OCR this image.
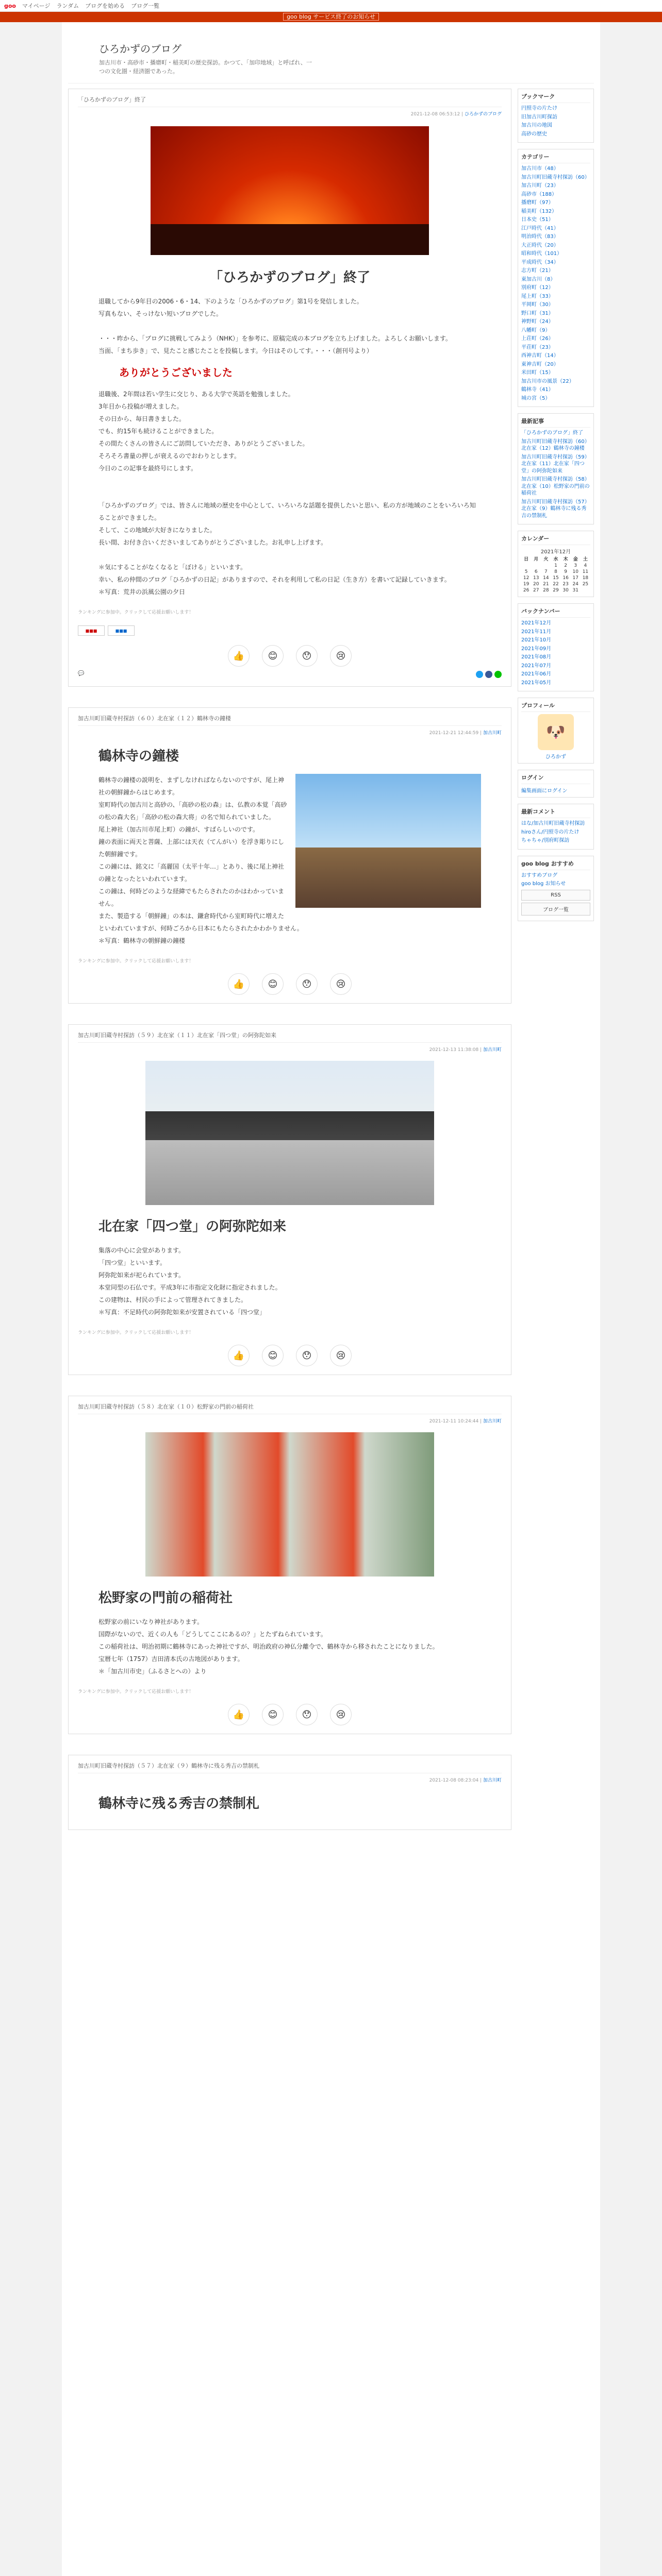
goo マイページ ランダム ブログを始める ブログ一覧
goo blog サービス終了のお知らせ
ひろかずのブログ
加古川市・高砂市・播磨町・稲美町の歴史探訪。かつて、「加印地域」と呼ばれ、一つの文化圏・経済圏であった。
「ひろかずのブログ」終了
2021-12-08 06:53:12 | ひろかずのブログ
「ひろかずのブログ」終了
退職してから9年目の2006・6・14、下のような「ひろかずのブログ」第1号を発信しました。
写真もない、そっけない短いブログでした。

・・・昨から、「ブログに挑戦してみよう（NHK）」を参考に、原稿完成の本ブログを立ち上げました。よろしくお願いします。
当面、「まち歩き」で、見たこと感じたことを投稿します。今日はそのしてす。・・・（創刊号より）
ありがとうございました
退職後、2年間は若い学生に交じり、ある大学で英語を勉強しました。
3年目から投稿が増えました。
その日から、毎日書きました。
でも、約15年も続けることができました。
その間たくさんの皆さんにご訪問していただき、ありがとうございました。
そろそろ書量の押しが衰えるのでおわりとします。
今日のこの記事を最終号にします。

「ひろかずのブログ」では、皆さんに地域の歴史を中心として、いろいろな話題を提供したいと思い、私の方が地域のことをいろいろ知ることができました。
そして、この地域が大好きになりました。
長い間、お付き合いくださいましてありがとうございました。お礼申し上げます。

＊気にすることがなくなると「ぼける」といいます。
幸い、私の仲間のブログ「ひろかずの日記」がありますので、それを利用して私の日記（生き方）を書いて記録していきます。
＊写真：荒井の浜風公園の夕日
ランキングに参加中。クリックして応援お願いします！
■■■	■■■
👍	😊	😯	😢
💬
加古川町旧蔵寺村探訪（６０）北在家（１２）鶴林寺の鐘楼
2021-12-21 12:44:59 | 加古川町
鶴林寺の鐘楼
鶴林寺の鐘楼の説明を、まずしなければならないのですが、尾上神社の朝鮮鐘からはじめます。
室町時代の加古川と高砂の、「高砂の松の森」は、仏教の本覚「高砂の松の森大名」「高砂の松の森大将」の名で知られていました。
尾上神社（加古川市尾上町）の鐘が、すばらしいのです。
鐘の表面に両天と菩薩、上部には天衣（てんがい）を浮き彫りにした朝鮮鐘です。
この鐘には、銘文に「高麗国（太平十年…」とあり、後に尾上神社の鐘となったといわれています。
この鐘は、何時どのような経緯でもたらされたのかはわかっていません。
また、製造する「朝鮮鐘」の本は、鎌倉時代から室町時代に増えたといわれていますが、何時ごろから日本にもたらされたかわかりません。
＊写真：鶴林寺の朝鮮鐘の鐘楼
ランキングに参加中。クリックして応援お願いします！
👍	😊	😯	😢
加古川町旧蔵寺村探訪（５９）北在家（１１）北在家「四つ堂」の阿弥陀如来
2021-12-13 11:38:08 | 加古川町
北在家「四つ堂」の阿弥陀如来
集落の中心に会堂があります。
「四つ堂」といいます。
阿弥陀如来が祀られています。
本堂同型の石仏です。平成3年に市指定文化財に指定されました。
この建物は、村民の手によって管理されてきました。
＊写真：不足時代の阿弥陀如来が安置されている「四つ堂」
ランキングに参加中。クリックして応援お願いします！
👍	😊	😯	😢
加古川町旧蔵寺村探訪（５８）北在家（１０）松野家の門前の稲荷社
2021-12-11 10:24:44 | 加古川町
松野家の門前の稲荷社
松野家の前にいなり神社があります。
国際がないので、近くの人も「どうしてここにあるの？」とたずねられています。
この稲荷社は、明治初期に鶴林寺にあった神社ですが、明治政府の神仏分離令で、鶴林寺から移されたことになりました。
宝暦七年（1757）吉田清本氏の古地図があります。
＊「加古川市史」（ふるさとへの）より
ランキングに参加中。クリックして応援お願いします！
👍	😊	😯	😢
加古川町旧蔵寺村探訪（５７）北在家（９）鶴林寺に残る秀吉の禁制札
2021-12-08 08:23:04 | 加古川町
鶴林寺に残る秀吉の禁制札
ブックマーク
円照寺の片たけ
旧加古川町探訪
加古川の地図
高砂の歴史
カテゴリー
加古川市（48）
加古川町旧蔵寺村探訪（60）
加古川町（23）
高砂市（188）
播磨町（97）
稲美町（132）
日本史（51）
江戸時代（41）
明治時代（83）
大正時代（20）
昭和時代（101）
平成時代（34）
志方町（21）
東加古川（8）
別府町（12）
尾上町（33）
平岡町（30）
野口町（31）
神野町（24）
八幡町（9）
上荘町（26）
平荘町（23）
西神吉町（14）
東神吉町（20）
米田町（15）
加古川市の風景（22）
鶴林寺（41）
城の宮（5）
最新記事
「ひろかずのブログ」終了
加古川町旧蔵寺村探訪（60）北在家（12）鶴林寺の鐘楼
加古川町旧蔵寺村探訪（59）北在家（11）北在家「四つ堂」の阿弥陀如来
加古川町旧蔵寺村探訪（58）北在家（10）松野家の門前の稲荷社
加古川町旧蔵寺村探訪（57）北在家（9）鶴林寺に残る秀吉の禁制札
カレンダー
2021年12月
日	月	火	水	木	金	土
			1	2	3	4
5	6	7	8	9	10	11
12	13	14	15	16	17	18
19	20	21	22	23	24	25
26	27	28	29	30	31	
バックナンバー
2021年12月
2021年11月
2021年10月
2021年09月
2021年08月
2021年07月
2021年06月
2021年05月
プロフィール
🐶
ひろかず
ログイン
編集画面にログイン
最新コメント
はな/加古川町旧蔵寺村探訪
hiroさん/円照寺の片たけ
ちゃちゃ/別府町探訪
goo blog おすすめ
おすすめブログ
goo blog お知らせ
RSS
ブログ一覧
